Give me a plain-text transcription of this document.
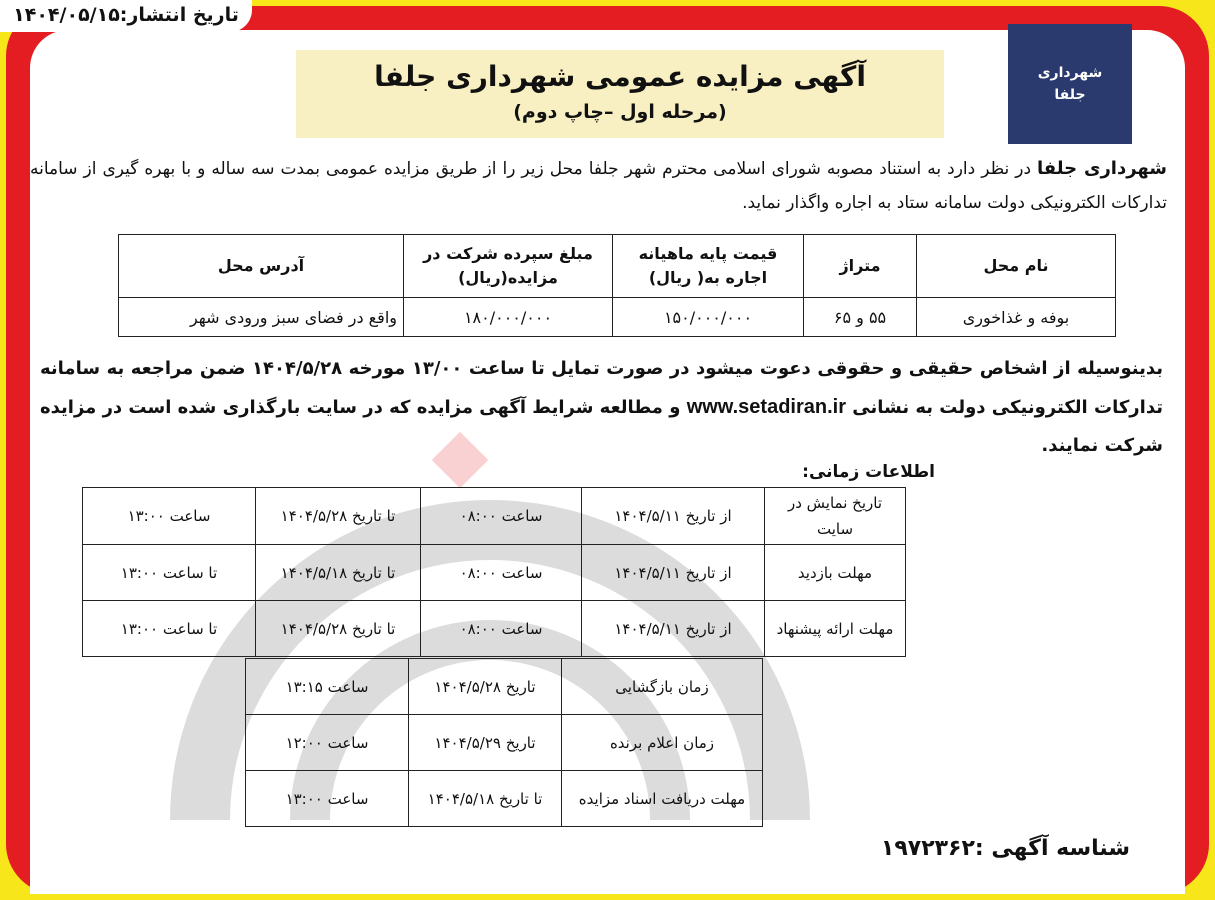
تاریخ انتشار:۱۴۰۴/۰۵/۱۵
شهرداری
جلفا
آگهی مزایده عمومی شهرداری جلفا
(مرحله اول –چاپ دوم)
شهرداری جلفا در نظر دارد به استناد مصوبه شورای اسلامی محترم شهر جلفا محل زیر را از طریق مزایده عمومی بمدت سه ساله و با بهره گیری از سامانه تدارکات الکترونیکی دولت سامانه ستاد به اجاره واگذار نماید.
نام محل	متراژ	قیمت پایه ماهیانه اجاره به( ریال)	مبلغ سپرده شرکت در مزایده(ریال)	آدرس محل
بوفه و غذاخوری	۵۵ و ۶۵	۱۵۰/۰۰۰/۰۰۰	۱۸۰/۰۰۰/۰۰۰	واقع در فضای سبز ورودی شهر
بدینوسیله از اشخاص حقیقی و حقوقی دعوت میشود در صورت تمایل تا ساعت ۱۳/۰۰ مورخه ۱۴۰۴/۵/۲۸ ضمن مراجعه به سامانه تدارکات الکترونیکی دولت به نشانی www.setadiran.ir و مطالعه شرایط آگهی مزایده که در سایت بارگذاری شده است در مزایده شرکت نمایند.
اطلاعات زمانی:
تاریخ نمایش در سایت	از تاریخ ۱۴۰۴/۵/۱۱	ساعت ۰۸:۰۰	تا تاریخ ۱۴۰۴/۵/۲۸	ساعت ۱۳:۰۰
مهلت بازدید	از تاریخ ۱۴۰۴/۵/۱۱	ساعت ۰۸:۰۰	تا تاریخ ۱۴۰۴/۵/۱۸	تا ساعت ۱۳:۰۰
مهلت ارائه پیشنهاد	از تاریخ ۱۴۰۴/۵/۱۱	ساعت ۰۸:۰۰	تا تاریخ ۱۴۰۴/۵/۲۸	تا ساعت ۱۳:۰۰
زمان بازگشایی	تاریخ ۱۴۰۴/۵/۲۸	ساعت ۱۳:۱۵
زمان اعلام برنده	تاریخ ۱۴۰۴/۵/۲۹	ساعت ۱۲:۰۰
مهلت دریافت اسناد مزایده	تا تاریخ ۱۴۰۴/۵/۱۸	ساعت ۱۳:۰۰
شناسه آگهی :۱۹۷۲۳۶۲
